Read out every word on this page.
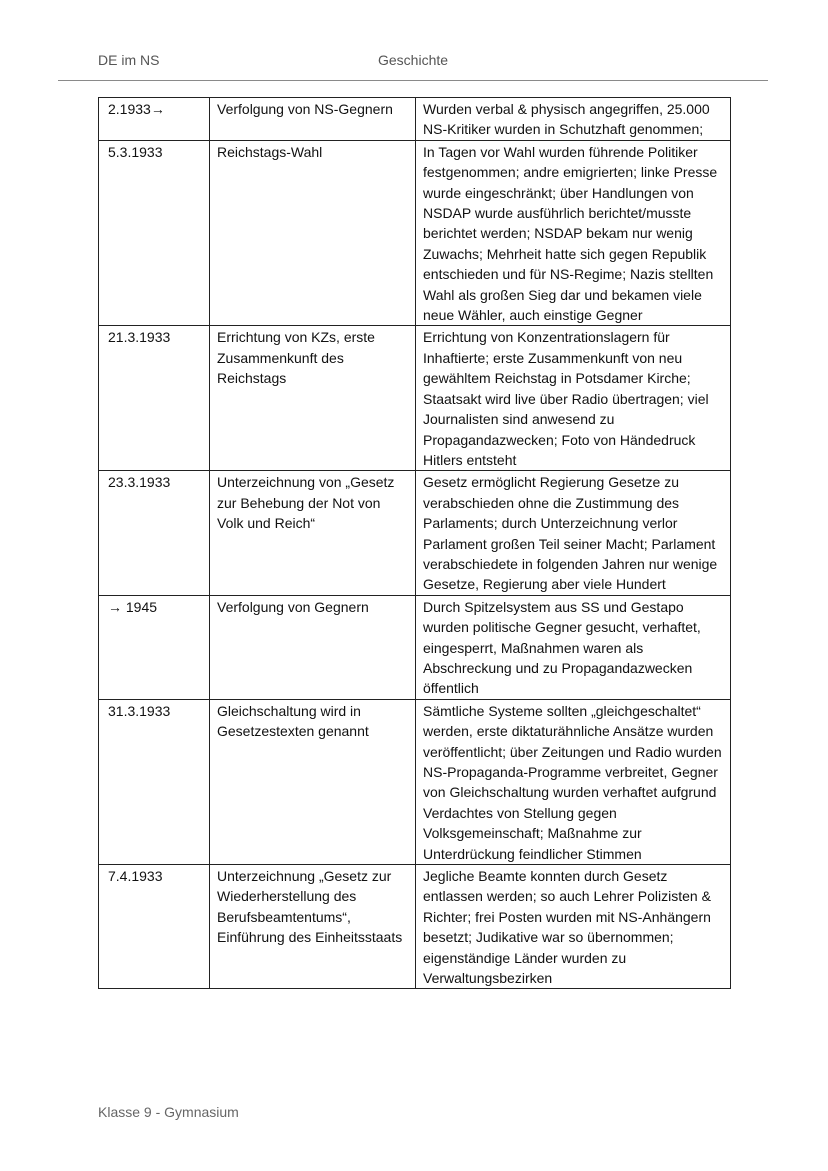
DE im NS	Geschichte
2.1933→	Verfolgung von NS-Gegnern	Wurden verbal & physisch angegriffen, 25.000 NS-Kritiker wurden in Schutzhaft genommen;
5.3.1933	Reichstags-Wahl	In Tagen vor Wahl wurden führende Politiker festgenommen; andre emigrierten; linke Presse wurde eingeschränkt; über Handlungen von NSDAP wurde ausführlich berichtet/musste berichtet werden; NSDAP bekam nur wenig Zuwachs; Mehrheit hatte sich gegen Republik entschieden und für NS-Regime; Nazis stellten Wahl als großen Sieg dar und bekamen viele neue Wähler, auch einstige Gegner
21.3.1933	Errichtung von KZs, erste Zusammenkunft des Reichstags	Errichtung von Konzentrationslagern für Inhaftierte; erste Zusammenkunft von neu gewähltem Reichstag in Potsdamer Kirche; Staatsakt wird live über Radio übertragen; viel Journalisten sind anwesend zu Propagandazwecken; Foto von Händedruck Hitlers entsteht
23.3.1933	Unterzeichnung von „Gesetz zur Behebung der Not von Volk und Reich“	Gesetz ermöglicht Regierung Gesetze zu verabschieden ohne die Zustimmung des Parlaments; durch Unterzeichnung verlor Parlament großen Teil seiner Macht; Parlament verabschiedete in folgenden Jahren nur wenige Gesetze, Regierung aber viele Hundert
→ 1945	Verfolgung von Gegnern	Durch Spitzelsystem aus SS und Gestapo wurden politische Gegner gesucht, verhaftet, eingesperrt, Maßnahmen waren als Abschreckung und zu Propagandazwecken öffentlich
31.3.1933	Gleichschaltung wird in Gesetzestexten genannt	Sämtliche Systeme sollten „gleichgeschaltet“ werden, erste diktaturähnliche Ansätze wurden veröffentlicht; über Zeitungen und Radio wurden NS-Propaganda-Programme verbreitet, Gegner von Gleichschaltung wurden verhaftet aufgrund Verdachtes von Stellung gegen Volksgemeinschaft; Maßnahme zur Unterdrückung feindlicher Stimmen
7.4.1933	Unterzeichnung „Gesetz zur Wiederherstellung des Berufsbeamtentums“, Einführung des Einheitsstaats	Jegliche Beamte konnten durch Gesetz entlassen werden; so auch Lehrer Polizisten & Richter; frei Posten wurden mit NS-Anhängern besetzt; Judikative war so übernommen; eigenständige Länder wurden zu Verwaltungsbezirken
Klasse 9 - Gymnasium
